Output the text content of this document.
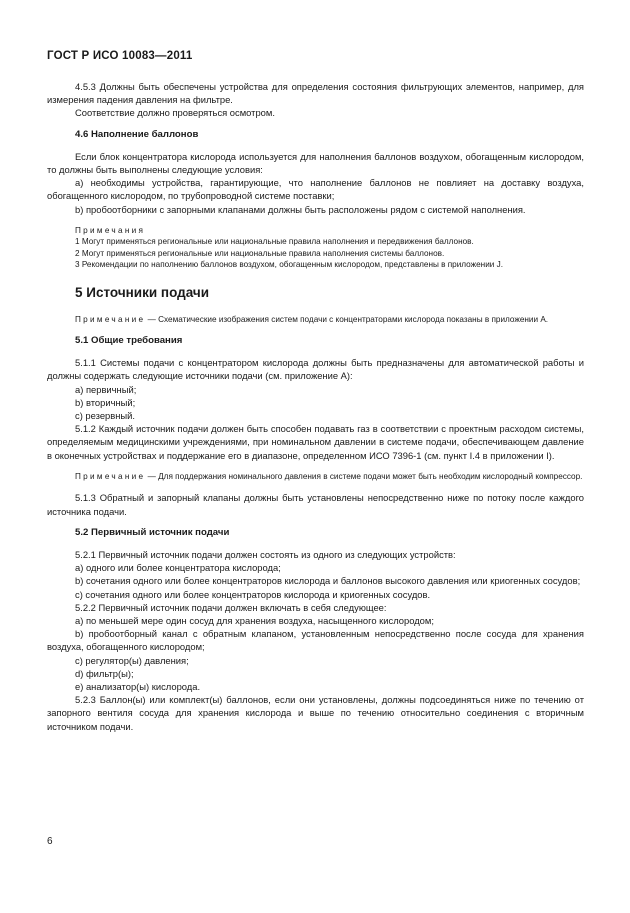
ГОСТ Р ИСО 10083—2011

4.5.3 Должны быть обеспечены устройства для определения состояния фильтрующих элементов, например, для измерения падения давления на фильтре.

Соответствие должно проверяться осмотром.

4.6 Наполнение баллонов

Если блок концентратора кислорода используется для наполнения баллонов воздухом, обогащенным кислородом, то должны быть выполнены следующие условия:

a) необходимы устройства, гарантирующие, что наполнение баллонов не повлияет на доставку воздуха, обогащенного кислородом, по трубопроводной системе поставки;

b) пробоотборники с запорными клапанами должны быть расположены рядом с системой наполнения.

Примечания

1 Могут применяться региональные или национальные правила наполнения и передвижения баллонов.

2 Могут применяться региональные или национальные правила наполнения системы баллонов.

3 Рекомендации по наполнению баллонов воздухом, обогащенным кислородом, представлены в приложении J.

5 Источники подачи

Примечание — Схематические изображения систем подачи с концентраторами кислорода показаны в приложении А.

5.1 Общие требования

5.1.1 Системы подачи с концентратором кислорода должны быть предназначены для автоматической работы и должны содержать следующие источники подачи (см. приложение А):

a) первичный;

b) вторичный;

c) резервный.

5.1.2 Каждый источник подачи должен быть способен подавать газ в соответствии с проектным расходом системы, определяемым медицинскими учреждениями, при номинальном давлении в системе подачи, обеспечивающем давление в оконечных устройствах и поддержание его в диапазоне, определенном ИСО 7396-1 (см. пункт I.4 в приложении I).

Примечание — Для поддержания номинального давления в системе подачи может быть необходим кислородный компрессор.

5.1.3 Обратный и запорный клапаны должны быть установлены непосредственно ниже по потоку после каждого источника подачи.

5.2 Первичный источник подачи

5.2.1 Первичный источник подачи должен состоять из одного из следующих устройств:

a) одного или более концентратора кислорода;

b) сочетания одного или более концентраторов кислорода и баллонов высокого давления или криогенных сосудов;

c) сочетания одного или более концентраторов кислорода и криогенных сосудов.

5.2.2 Первичный источник подачи должен включать в себя следующее:

a) по меньшей мере один сосуд для хранения воздуха, насыщенного кислородом;

b) пробоотборный канал с обратным клапаном, установленным непосредственно после сосуда для хранения воздуха, обогащенного кислородом;

c) регулятор(ы) давления;

d) фильтр(ы);

e) анализатор(ы) кислорода.

5.2.3 Баллон(ы) или комплект(ы) баллонов, если они установлены, должны подсоединяться ниже по течению от запорного вентиля сосуда для хранения кислорода и выше по течению относительно соединения с вторичным источником подачи.

6
